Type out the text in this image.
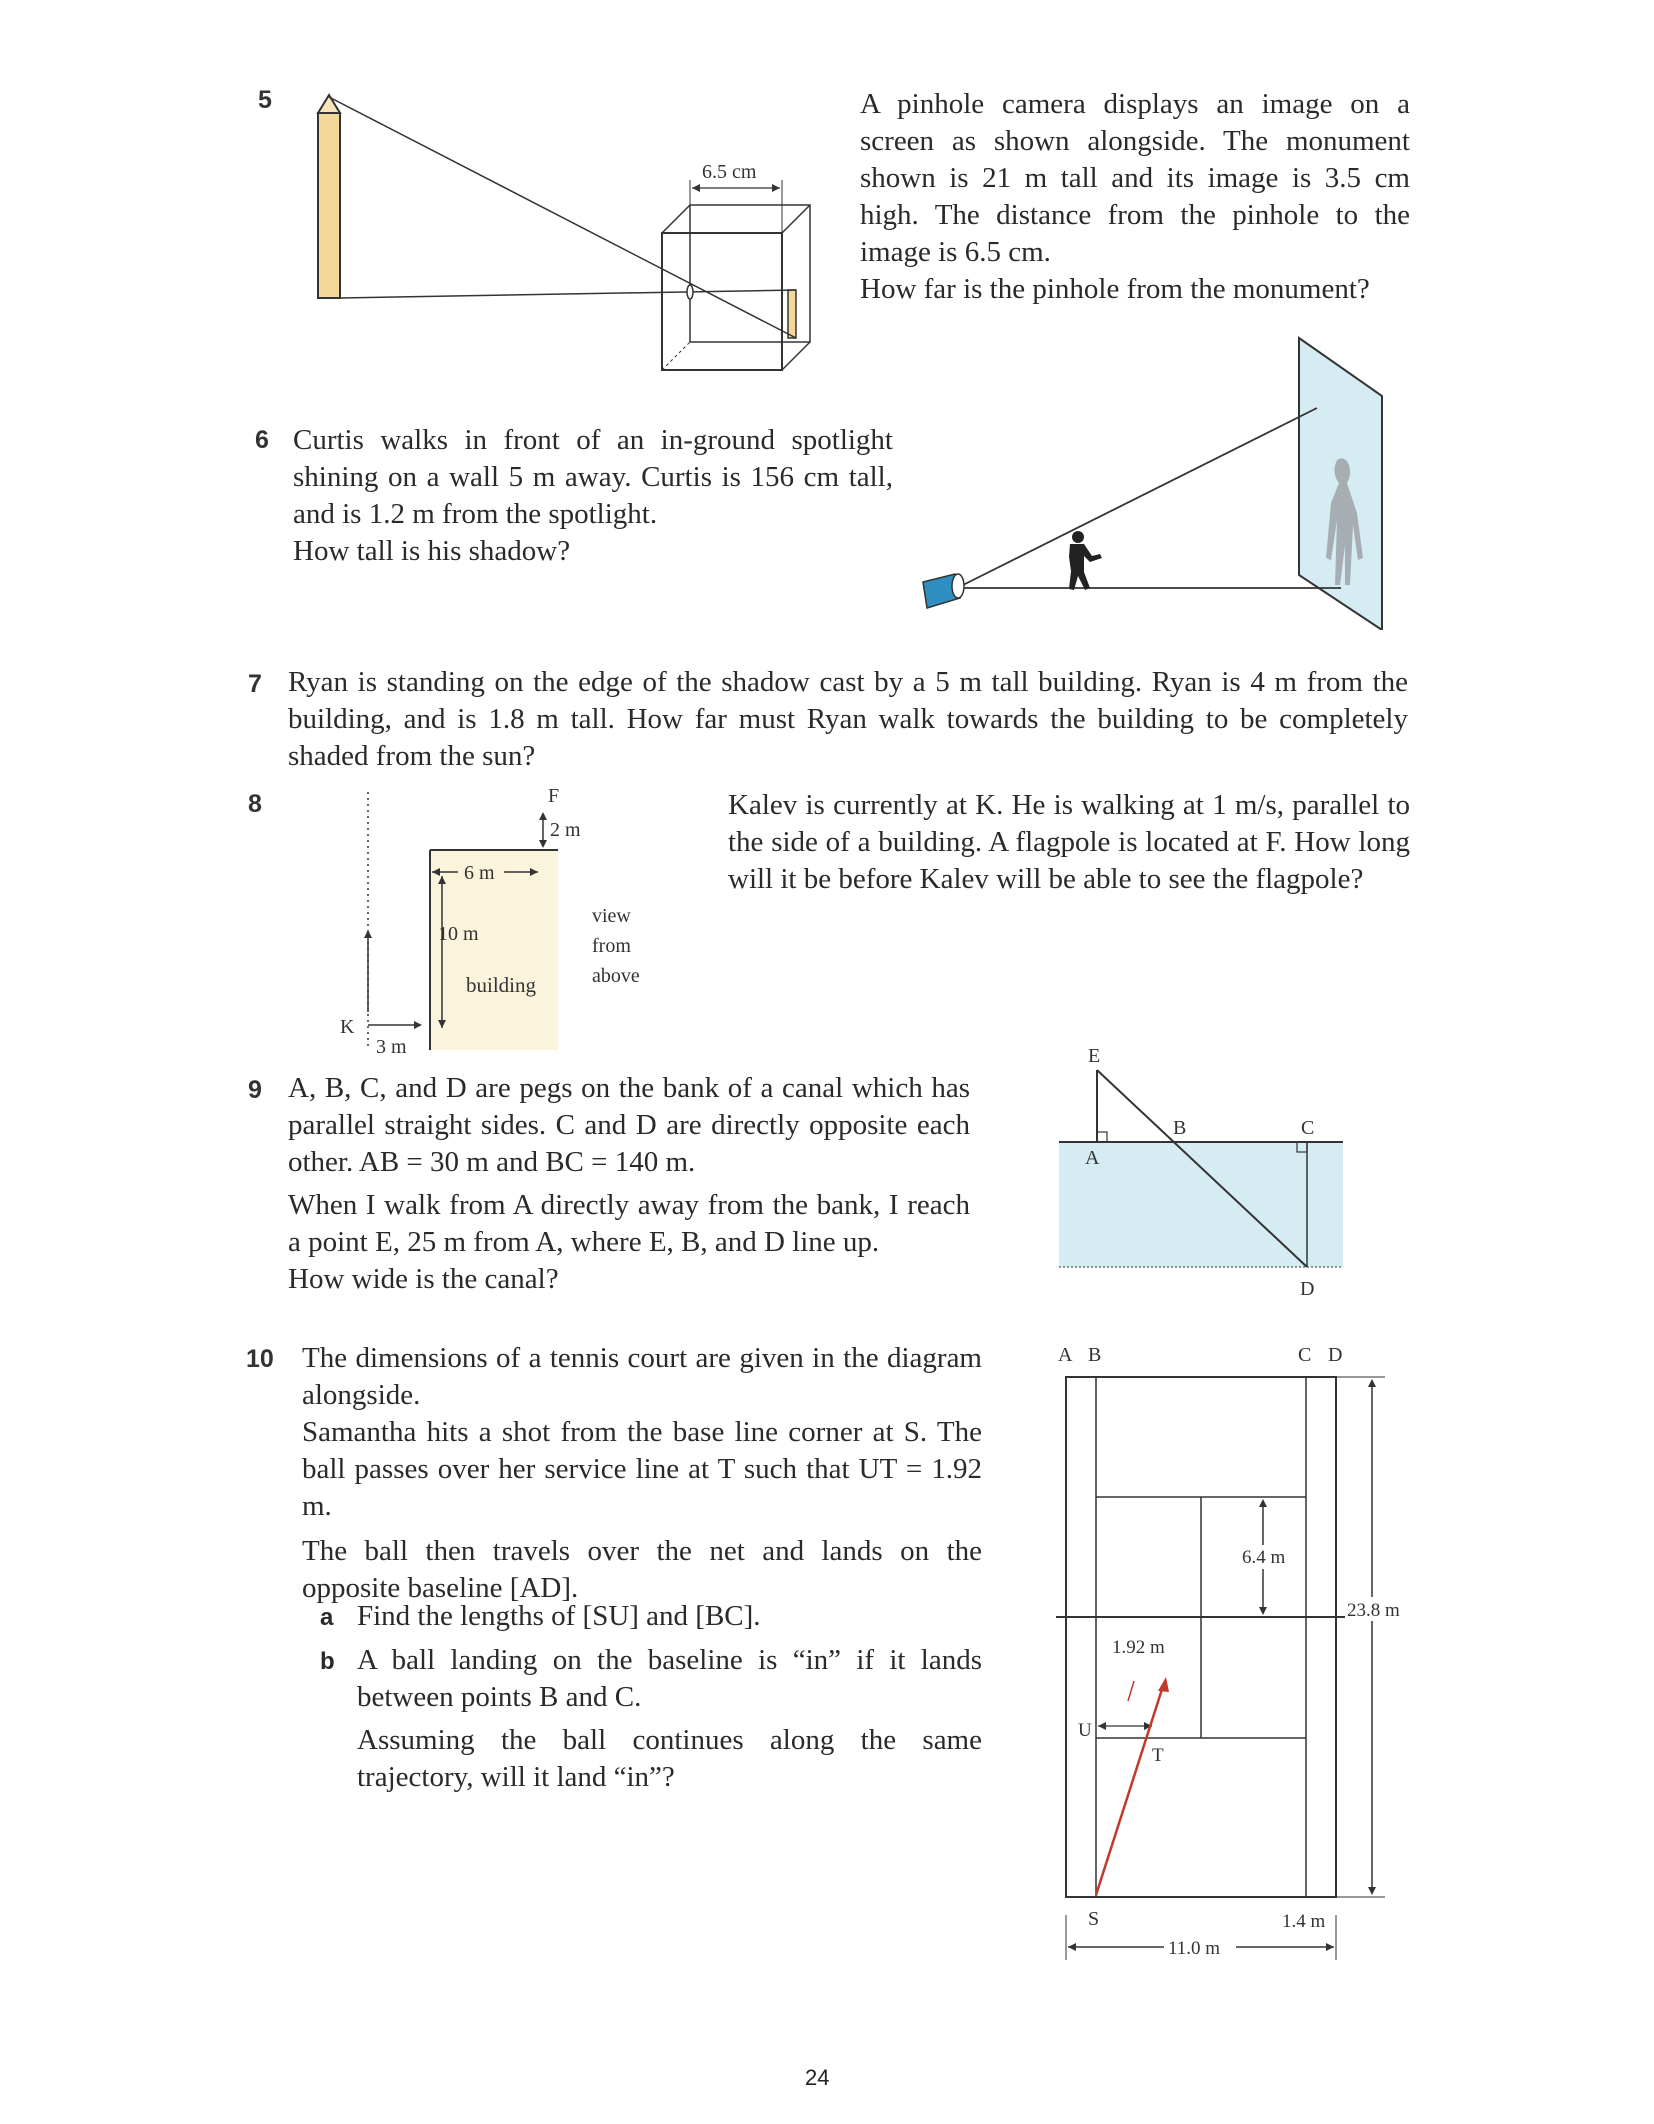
5	A pinhole camera displays an image on a screen as shown alongside. The monument shown is 21 m tall and its image is 3.5 cm high. The distance from the pinhole to the image is 6.5 cm.

How far is the pinhole from the monument?

6.5 cm
6 Curtis walks in front of an in-ground spotlight shining on a wall 5 m away. Curtis is 156 cm tall, and is 1.2 m from the spotlight.

How tall is his shadow?

7 Ryan is standing on the edge of the shadow cast by a 5 m tall building. Ryan is 4 m from the building, and is 1.8 m tall. How far must Ryan walk towards the building to be completely shaded from the sun?

8	F
2 m
6 m
10 m
building
K
3 m
view
from
above

Kalev is currently at K. He is walking at 1 m/s, parallel to the side of a building. A flagpole is located at F. How long will it be before Kalev will be able to see the flagpole?

9 A, B, C, and D are pegs on the bank of a canal which has parallel straight sides. C and D are directly opposite each other. AB = 30 m and BC = 140 m.

When I walk from A directly away from the bank, I reach a point E, 25 m from A, where E, B, and D line up.

How wide is the canal?

E
A
B	C
D
10 The dimensions of a tennis court are given in the diagram alongside.

Samantha hits a shot from the base line corner at S. The ball passes over her service line at T such that UT = 1.92 m.

The ball then travels over the net and lands on the opposite baseline [AD].

a Find the lengths of [SU] and [BC].
b A ball landing on the baseline is “in” if it lands between points B and C.

Assuming the ball continues along the same trajectory, will it land “in”?

23.8 m
6.4 m
A B	C D
1.92 m
U
T
S	1.4 m
11.0 m
24
